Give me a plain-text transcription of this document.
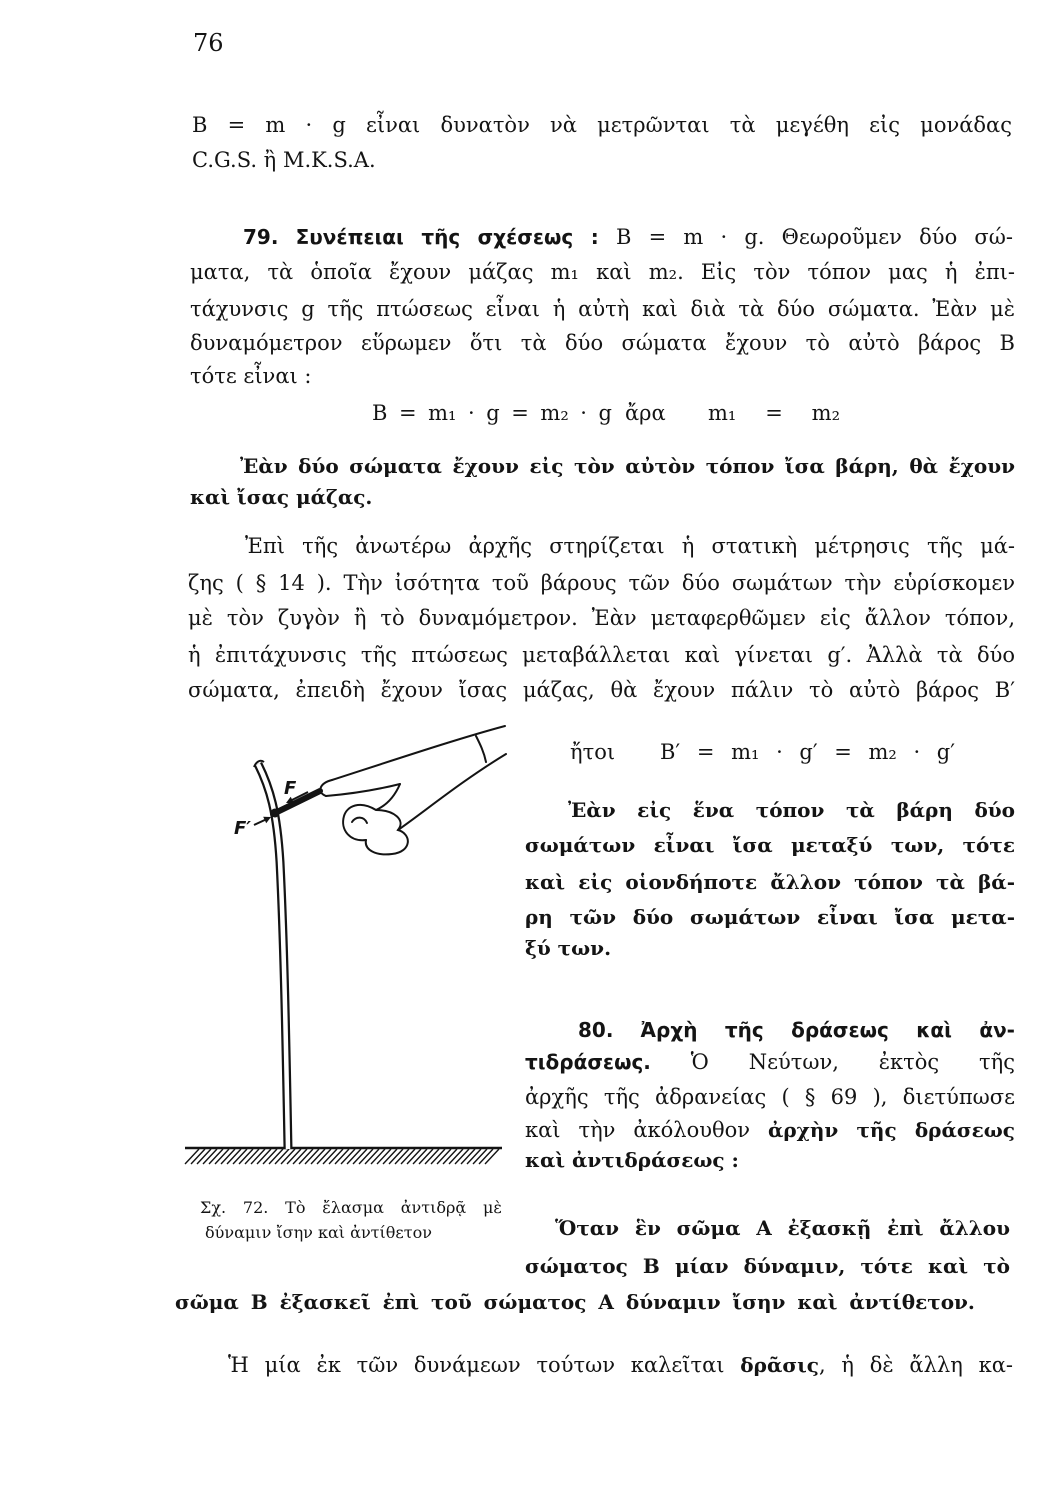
76
B = m · g εἶναι δυνατὸν νὰ μετρῶνται τὰ μεγέθη εἰς μονάδας
C.G.S. ἢ M.K.S.A.
79. Συνέπειαι τῆς σχέσεως : B = m · g. Θεωροῦμεν δύο σώ-
ματα, τὰ ὁποῖα ἔχουν μάζας m₁ καὶ m₂. Εἰς τὸν τόπον μας ἡ ἐπι-
τάχυνσις g τῆς πτώσεως εἶναι ἡ αὐτὴ καὶ διὰ τὰ δύο σώματα. Ἐὰν μὲ
δυναμόμετρον εὕρωμεν ὅτι τὰ δύο σώματα ἔχουν τὸ αὐτὸ βάρος B
τότε εἶναι :
B = m₁ · g = m₂ · g ἄρα m₁ = m₂
Ἐὰν δύο σώματα ἔχουν εἰς τὸν αὐτὸν τόπον ἴσα βάρη, θὰ ἔχουν
καὶ ἴσας μάζας.
Ἐπὶ τῆς ἀνωτέρω ἀρχῆς στηρίζεται ἡ στατικὴ μέτρησις τῆς μά-
ζης ( § 14 ). Τὴν ἰσότητα τοῦ βάρους τῶν δύο σωμάτων τὴν εὑρίσκομεν
μὲ τὸν ζυγὸν ἢ τὸ δυναμόμετρον. Ἐὰν μεταφερθῶμεν εἰς ἄλλον τόπον,
ἡ ἐπιτάχυνσις τῆς πτώσεως μεταβάλλεται καὶ γίνεται g′. Ἀλλὰ τὰ δύο
σώματα, ἐπειδὴ ἔχουν ἴσας μάζας, θὰ ἔχουν πάλιν τὸ αὐτὸ βάρος B′
ἤτοι B′ = m₁ · g′ = m₂ · g′
Ἐὰν εἰς ἕνα τόπον τὰ βάρη δύο
σωμάτων εἶναι ἴσα μεταξύ των, τότε
καὶ εἰς οἱονδήποτε ἄλλον τόπον τὰ βά-
ρη τῶν δύο σωμάτων εἶναι ἴσα μετα-
ξύ των.
F′
F
Σχ. 72. Τὸ ἔλασμα ἀντιδρᾷ μὲ
δύναμιν ἴσην καὶ ἀντίθετον
80. Ἀρχὴ τῆς δράσεως καὶ ἀν-
τιδράσεως. Ὁ Νεύτων, ἐκτὸς τῆς
ἀρχῆς τῆς ἀδρανείας ( § 69 ), διετύπωσε
καὶ τὴν ἀκόλουθον ἀρχὴν τῆς δράσεως
καὶ ἀντιδράσεως :
Ὅταν ἓν σῶμα A ἐξασκῇ ἐπὶ ἄλλου
σώματος B μίαν δύναμιν, τότε καὶ τὸ
σῶμα B ἐξασκεῖ ἐπὶ τοῦ σώματος A δύναμιν ἴσην καὶ ἀντίθετον.
Ἡ μία ἐκ τῶν δυνάμεων τούτων καλεῖται δρᾶσις, ἡ δὲ ἄλλη κα-
